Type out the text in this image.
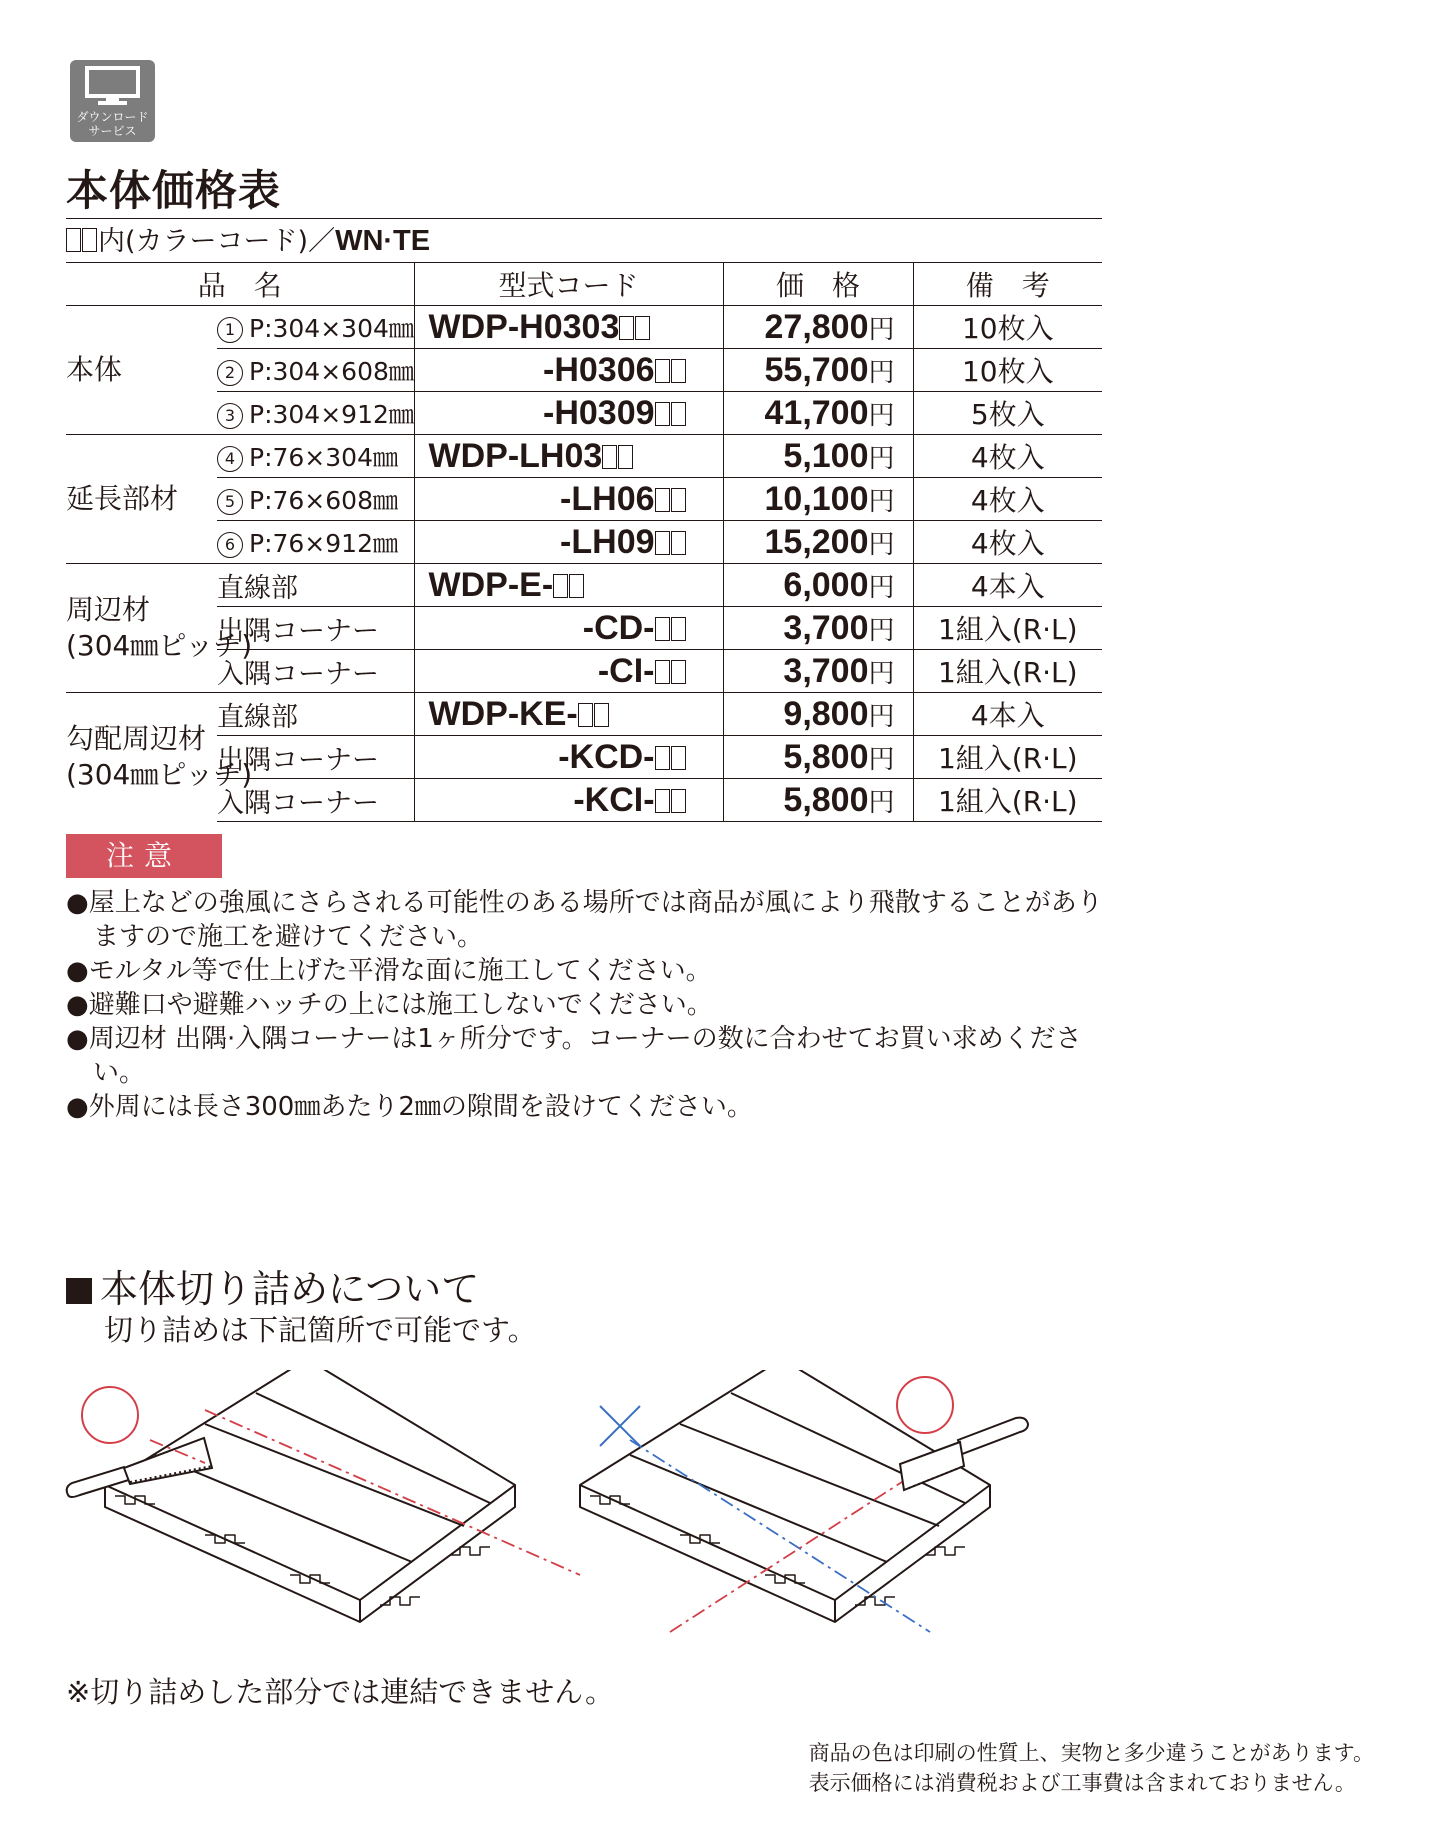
ダウンロード
サービス
本体価格表
内(カラーコード)／WN·TE
品　名		型式コード	価　格	備　考

本体	1 P:304×304㎜	WDP-H0303	27,800円	10枚入
	2 P:304×608㎜	-H0306	55,700円	10枚入
	3 P:304×912㎜	-H0309	41,700円	5枚入

延長部材	4 P:76×304㎜	WDP-LH03	5,100円	4枚入
	5 P:76×608㎜	-LH06	10,100円	4枚入
	6 P:76×912㎜	-LH09	15,200円	4枚入

周辺材
(304㎜ピッチ)	直線部	WDP-E-	6,000円	4本入
	出隅コーナー	-CD-	3,700円	1組入(R·L)
	入隅コーナー	-CI-	3,700円	1組入(R·L)

勾配周辺材
(304㎜ピッチ)	直線部	WDP-KE-	9,800円	4本入
	出隅コーナー	-KCD-	5,800円	1組入(R·L)
	入隅コーナー	-KCI-	5,800円	1組入(R·L)
注意
● 屋上などの強風にさらされる可能性のある場所では商品が風により飛散することがありますので施工を避けてください。
● モルタル等で仕上げた平滑な面に施工してください。
● 避難口や避難ハッチの上には施工しないでください。
● 周辺材 出隅·入隅コーナーは1ヶ所分です。コーナーの数に合わせてお買い求めください。
● 外周には長さ300㎜あたり2㎜の隙間を設けてください。
本体切り詰めについて
切り詰めは下記箇所で可能です。
※切り詰めした部分では連結できません。
商品の色は印刷の性質上、実物と多少違うことがあります。
表示価格には消費税および工事費は含まれておりません。
